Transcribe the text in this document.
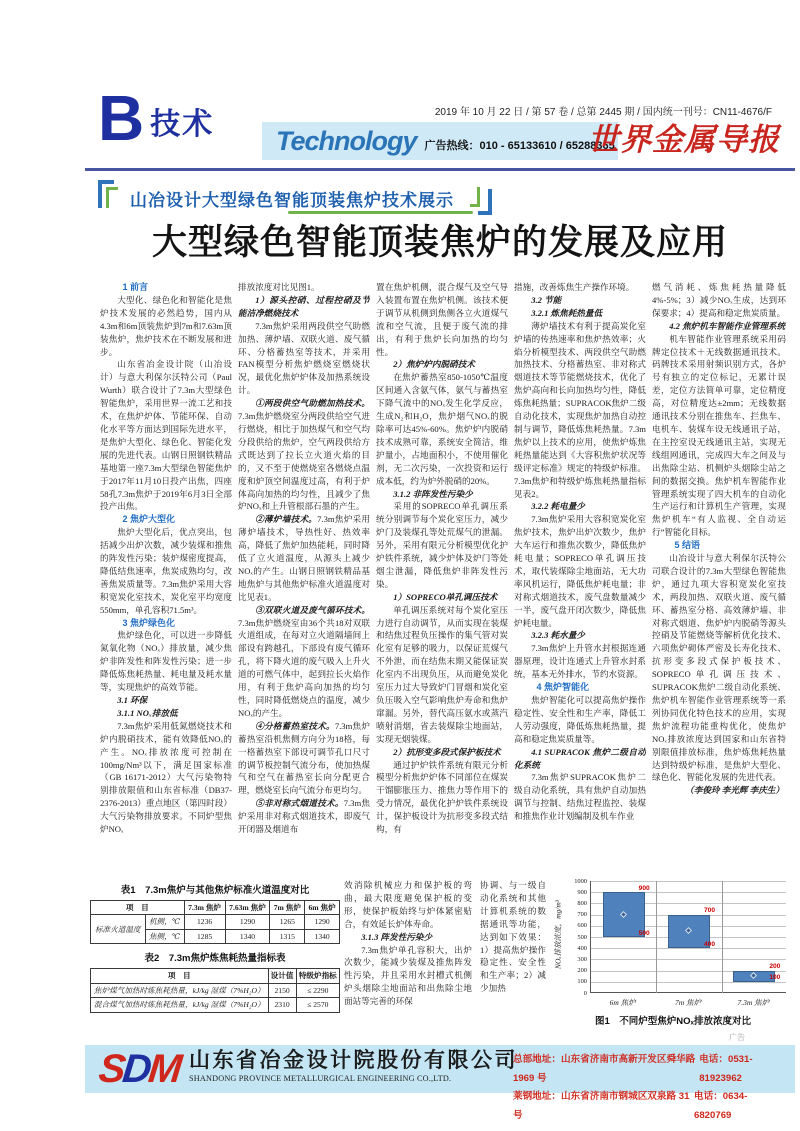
B 技术	2019 年 10 月 22 日 / 第 57 卷 / 总第 2445 期 / 国内统一刊号：CN11-4676/F
Technology 广告热线：010 - 65133610 / 65288365
世界金属导报
山冶设计大型绿色智能顶装焦炉技术展示
大型绿色智能顶装焦炉的发展及应用
1 前言
大型化、绿色化和智能化是焦炉技术发展的必然趋势，国内从4.3m和6m顶装焦炉到7m和7.63m顶装焦炉，焦炉技术在不断发展和进步。
山东省冶金设计院（山冶设计）与意大利保尔沃特公司（Paul Wurth）联合设计了7.3m大型绿色智能焦炉，采用世界一流工艺和技术，在焦炉炉体、节能环保、自动化水平等方面达到国际先进水平，是焦炉大型化、绿色化、智能化发展的先进代表。山钢日照钢铁精品基地第一座7.3m大型绿色智能焦炉于2017年11月10日投产出焦，四座58孔7.3m焦炉于2019年6月3日全部投产出焦。
2 焦炉大型化
焦炉大型化后，优点突出，包括减少出炉次数，减少装煤和推焦的阵发性污染；装炉煤密度提高，降低结焦速率，焦炭成熟均匀，改善焦炭质量等。7.3m焦炉采用大容积宽炭化室技术，炭化室平均宽度550mm，单孔容积71.5m³。
3 焦炉绿色化
焦炉绿色化，可以进一步降低氮氧化物（NOₓ）排放量，减少焦炉非阵发性和阵发性污染；进一步降低炼焦耗热量、耗电量及耗水量等，实现焦炉的高效节能。
3.1 环保
3.1.1 NOₓ排放低
7.3m焦炉采用低氮燃烧技术和炉内脱硝技术，能有效降低NOₓ的产生。NOₓ排放浓度可控制在100mg/Nm³以下，满足国家标准（GB 16171-2012）大气污染物特别排放限值和山东省标准（DB37-2376-2013）重点地区（第四时段）大气污染物排放要求。不同炉型焦炉NOₓ
排放浓度对比见图1。
1）源头控硝、过程控硝及节能洁净燃烧技术
7.3m焦炉采用两段供空气助燃加热、薄炉墙、双联火道、废气循环、分格蓄热室等技术，并采用FAN模型分析焦炉燃烧室燃烧状况，最优化焦炉炉体及加热系统设计。
①两段供空气助燃加热技术。7.3m焦炉燃烧室分两段供给空气进行燃烧，相比于加热煤气和空气均分段供给的焦炉，空气两段供给方式既达到了拉长立火道火焰的目的，又不至于使燃烧室各燃烧点温度和炉顶空间温度过高，有利于炉体高向加热的均匀性，且减少了焦炉NOₓ和上升管根部石墨的产生。
②薄炉墙技术。7.3m焦炉采用薄炉墙技术，导热性好、热效率高，降低了焦炉加热能耗，同时降低了立火道温度，从源头上减少NOₓ的产生。山钢日照钢铁精品基地焦炉与其他焦炉标准火道温度对比见表1。
③双联火道及废气循环技术。7.3m焦炉燃烧室由36个共18对双联火道组成，在每对立火道隔墙间上部设有跨越孔，下部设有废气循环孔，将下降火道的废气吸入上升火道的可燃气体中，起到拉长火焰作用，有利于焦炉高向加热的均匀性，同时降低燃烧点的温度，减少NOₓ的产生。
④分格蓄热室技术。7.3m焦炉蓄热室沿机焦侧方向分为18格，每一格蓄热室下部设可调节孔口尺寸的调节板控制气流分布，使加热煤气和空气在蓄热室长向分配更合理，燃烧室长向气流分布更均匀。
⑤非对称式烟道技术。7.3m焦炉采用非对称式烟道技术，即废气开闭器及烟道布
置在焦炉机侧，混合煤气及空气导入装置布置在焦炉机侧。该技术便于调节从机侧到焦侧各立火道煤气流和空气流，且便于废气流的排出，有利于焦炉长向加热的均匀性。
2）焦炉炉内脱硝技术
在焦炉蓄热室850-1050℃温度区间通入含氨气体，氨气与蓄热室下降气流中的NOₓ发生化学反应，生成N₂和H₂O，焦炉烟气NOₓ的脱除率可达45%-60%。焦炉炉内脱硝技术成熟可靠，系统安全简洁，维护量小，占地面积小，不使用催化剂，无二次污染，一次投资和运行成本低，约为炉外脱硝的20%。
3.1.2 非阵发性污染少
采用的SOPRECO单孔调压系统分别调节每个炭化室压力，减少炉门及装煤孔等处荒煤气的泄漏。另外，采用有限元分析模型优化护炉铁件系统，减少炉体及炉门等处烟尘泄漏，降低焦炉非阵发性污染。
1）SOPRECO单孔调压技术
单孔调压系统对每个炭化室压力进行自动调节，从而实现在装煤和结焦过程负压操作的集气管对炭化室有足够的吸力，以保证荒煤气不外泄，而在结焦末期又能保证炭化室内不出现负压，从而避免炭化室压力过大导致炉门冒烟和炭化室负压吸入空气影响焦炉寿命和焦炉窜漏。另外，替代高压氨水或蒸汽喷射消烟，省去装煤除尘地面站，实现无烟装煤。
2）抗形变多段式保护板技术
通过护炉铁件系统有限元分析模型分析焦炉炉体不同部位在煤炭干馏膨胀压力、推焦力等作用下的受力情况，最优化护炉铁件系统设计，保护板设计为抗形变多段式结构，有
措施，改善炼焦生产操作环境。
3.2 节能
3.2.1 炼焦耗热量低
薄炉墙技术有利于提高炭化室炉墙的传热速率和焦炉热效率；火焰分析模型技术、两段供空气助燃加热技术、分格蓄热室、非对称式烟道技术等节能燃烧技术，优化了焦炉高向和长向加热均匀性，降低炼焦耗热量；SUPRACOK焦炉二级自动化技术，实现焦炉加热自动控制与调节，降低炼焦耗热量。7.3m焦炉以上技术的应用，使焦炉炼焦耗热量能达到《大容积焦炉状况等级评定标准》规定的特级炉标准。7.3m焦炉和特级炉炼焦耗热量指标见表2。
3.2.2 耗电量少
7.3m焦炉采用大容积宽炭化室焦炉技术，焦炉出炉次数少，焦炉大车运行和推焦次数少，降低焦炉耗电量；SOPRECO单孔调压技术，取代装煤除尘地面站，无大功率风机运行，降低焦炉耗电量；非对称式烟道技术，废气盘数量减少一半，废气盘开闭次数少，降低焦炉耗电量。
3.2.3 耗水量少
7.3m焦炉上升管水封根据连通器原理，设计连通式上升管水封系统，基本无外排水，节约水资源。
4 焦炉智能化
焦炉智能化可以提高焦炉操作稳定性、安全性和生产率，降低工人劳动强度，降低炼焦耗热量，提高和稳定焦炭质量等。
4.1 SUPRACOK 焦炉二级自动化系统
7.3m焦炉SUPRACOK焦炉二级自动化系统，具有焦炉自动加热调节与控制、结焦过程监控、装煤和推焦作业计划编制及机车作业
燃气消耗、炼焦耗热量降低4%-5%；3）减少NOₓ生成，达到环保要求；4）提高和稳定焦炭质量。
4.2 焦炉机车智能作业管理系统
机车智能作业管理系统采用码牌定位技术＋无线数据通讯技术。码牌技术采用射频识别方式，各炉号有独立的定位标记，无累计误差，定位方法简单可靠，定位精度高，对位精度达±2mm；无线数据通讯技术分别在推焦车、拦焦车、电机车、装煤车设无线通讯子站，在主控室设无线通讯主站，实现无线组网通讯，完成四大车之间及与出焦除尘站、机侧炉头烟除尘站之间的数据交换。焦炉机车智能作业管理系统实现了四大机车的自动化生产运行和计算机生产管理，实现焦炉机车“有人监视、全自动运行”智能化目标。
5 结语
山冶设计与意大利保尔沃特公司联合设计的7.3m大型绿色智能焦炉，通过九项大容积宽炭化室技术，两段加热、双联火道、废气循环、蓄热室分格、高效薄炉墙、非对称式烟道、焦炉炉内脱硝等源头控硝及节能燃烧等解析优化技术、六项焦炉砌体严密及长寿化技术、抗形变多段式保护板技术、SOPRECO单孔调压技术、SUPRACOK焦炉二级自动化系统、焦炉机车智能作业管理系统等一系列协同优化特色技术的应用，实现焦炉流程功能重构优化，使焦炉NOₓ排放浓度达到国家和山东省特别限值排放标准，焦炉炼焦耗热量达到特级炉标准，是焦炉大型化、绿色化、智能化发展的先进代表。
（李俊玲 李光辉 李庆生）
效消除机械应力和保护板的弯曲，最大限度避免保护板的变形，使保护板始终与炉体紧密贴合，有效延长炉体寿命。
3.1.3 阵发性污染少
7.3m焦炉单孔容积大，出炉次数少，能减少装煤及推焦阵发性污染，并且采用水封槽式机侧炉头烟除尘地面站和出焦除尘地面站等完善的环保
协调、与一级自动化系统和其他计算机系统的数据通讯等功能，达到如下效果：1）提高焦炉操作稳定性、安全性和生产率；2）减少加热
表1　7.3m焦炉与其他焦炉标准火道温度对比
项　目		7.3m 焦炉	7.63m 焦炉	7m 焦炉	6m 焦炉
标准火道温度	机侧，℃	1236	1290	1265	1290
	焦侧，℃	1285	1340	1315	1340
表2　7.3m焦炉炼焦耗热量指标表
项　目	设计值	特级炉指标
焦炉煤气加热时炼焦耗热量，kJ/kg 湿煤（7%H₂O）	2150	≤ 2290
混合煤气加热时炼焦耗热量，kJ/kg 湿煤（7%H₂O）	2310	≤ 2570
NOₓ排放浓度，mg/m³
0
100
200
300
400
500
600
700
800
900
1000
900
500
700
400
200
100
6m 焦炉	7m 焦炉	7.3m 焦炉
图1　不同炉型焦炉NOₓ排放浓度对比
广告
SDM 山东省冶金设计院股份有限公司
SHANDONG PROVINCE METALLURGICAL ENGINEERING CO.,LTD.
总部地址：山东省济南市高新开发区舜华路 1969 号
电话：0531-81923962
莱钢地址：山东省济南市钢城区双泉路 31 号
电话：0634-6820769
